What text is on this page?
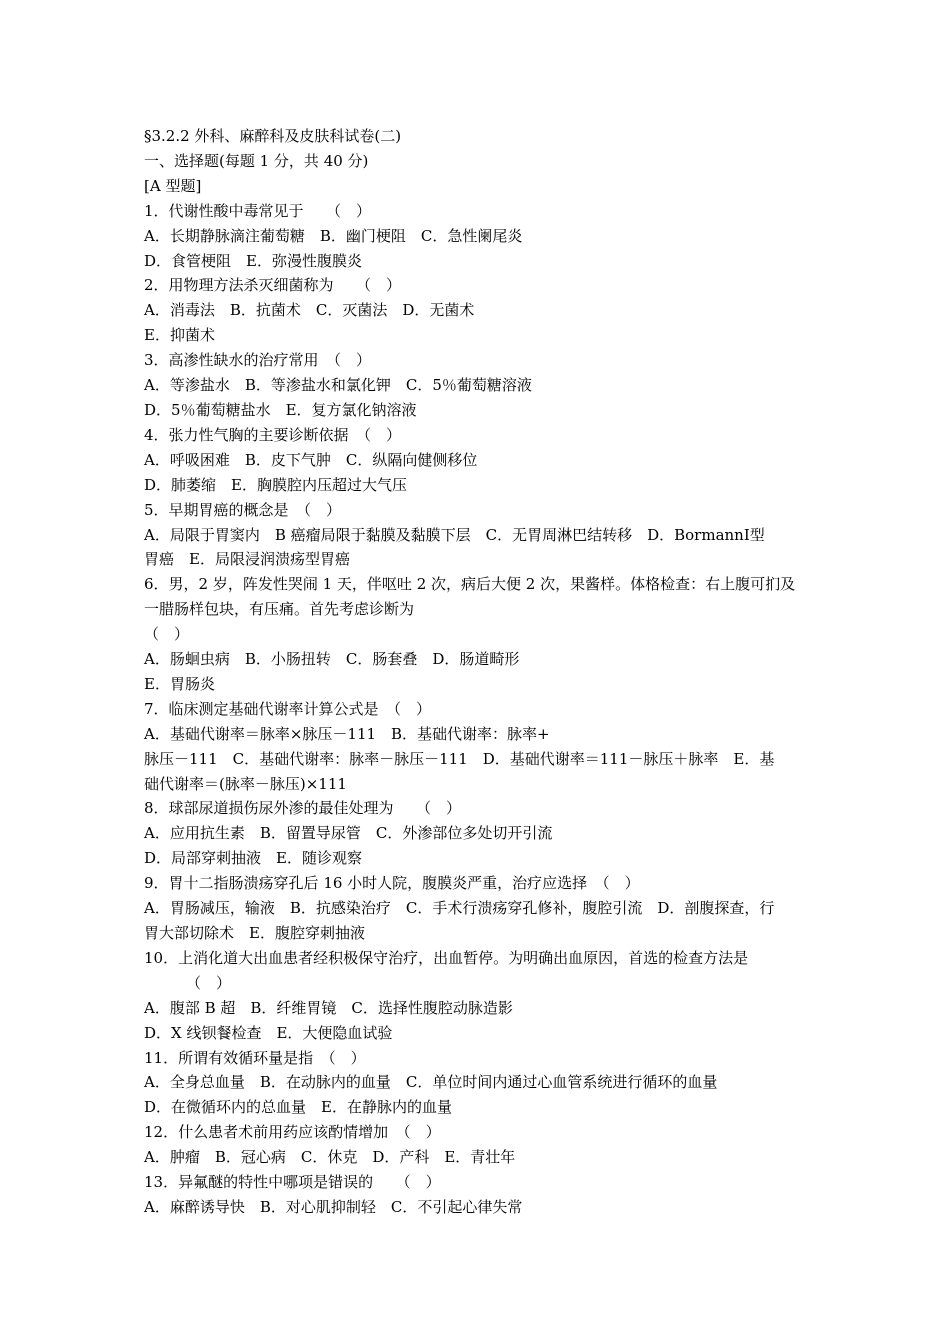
§3.2.2 外科、麻醉科及皮肤科试卷(二)
一、选择题(每题 1 分，共 40 分)
[A 型题]
1．代谢性酸中毒常见于　　（　）
A．长期静脉滴注葡萄糖　B．幽门梗阻　C．急性阑尾炎
D．食管梗阻　E．弥漫性腹膜炎
2．用物理方法杀灭细菌称为　　（　）
A．消毒法　B．抗菌术　C．灭菌法　D．无菌术
E．抑菌术
3．高渗性缺水的治疗常用　（　）
A．等渗盐水　B．等渗盐水和氯化钾　C．5％葡萄糖溶液
D．5％葡萄糖盐水　E．复方氯化钠溶液
4．张力性气胸的主要诊断依据　（　）
A．呼吸困难　B．皮下气肿　C．纵隔向健侧移位
D．肺萎缩　E．胸膜腔内压超过大气压
5．早期胃癌的概念是　（　）
A．局限于胃窦内　B 癌瘤局限于黏膜及黏膜下层　C．无胃周淋巴结转移　D．BormannⅠ型
胃癌　E．局限浸润溃疡型胃癌
6．男，2 岁，阵发性哭闹 1 天，伴呕吐 2 次，病后大便 2 次，果酱样。体格检查：右上腹可扪及
一腊肠样包块，有压痛。首先考虑诊断为
（　）
A．肠蛔虫病　B．小肠扭转　C．肠套叠　D．肠道畸形
E．胃肠炎
7．临床测定基础代谢率计算公式是　（　）
A．基础代谢率＝脉率×脉压－111　B．基础代谢率：脉率+
脉压－111　C．基础代谢率：脉率－脉压－111　D．基础代谢率＝111－脉压＋脉率　E．基
础代谢率＝(脉率－脉压)×111
8．球部尿道损伤尿外渗的最佳处理为　　（　）
A．应用抗生素　B．留置导尿管　C．外渗部位多处切开引流
D．局部穿刺抽液　E．随诊观察
9．胃十二指肠溃疡穿孔后 16 小时人院，腹膜炎严重，治疗应选择　（　）
A．胃肠减压，输液　B．抗感染治疗　C．手术行溃疡穿孔修补，腹腔引流　D．剖腹探查，行
胃大部切除术　E．腹腔穿刺抽液
10．上消化道大出血患者经积极保守治疗，出血暂停。为明确出血原因，首选的检查方法是
（　）
A．腹部 B 超　B．纤维胃镜　C．选择性腹腔动脉造影
D．X 线钡餐检查　E．大便隐血试验
11．所谓有效循环量是指　（　）
A．全身总血量　B．在动脉内的血量　C．单位时间内通过心血管系统进行循环的血量
D．在微循环内的总血量　E．在静脉内的血量
12．什么患者术前用药应该酌情增加　（　）
A．肿瘤　B．冠心病　C．休克　D．产科　E．青壮年
13．异氟醚的特性中哪项是错误的　　（　）
A．麻醉诱导快　B．对心肌抑制轻　C．不引起心律失常
